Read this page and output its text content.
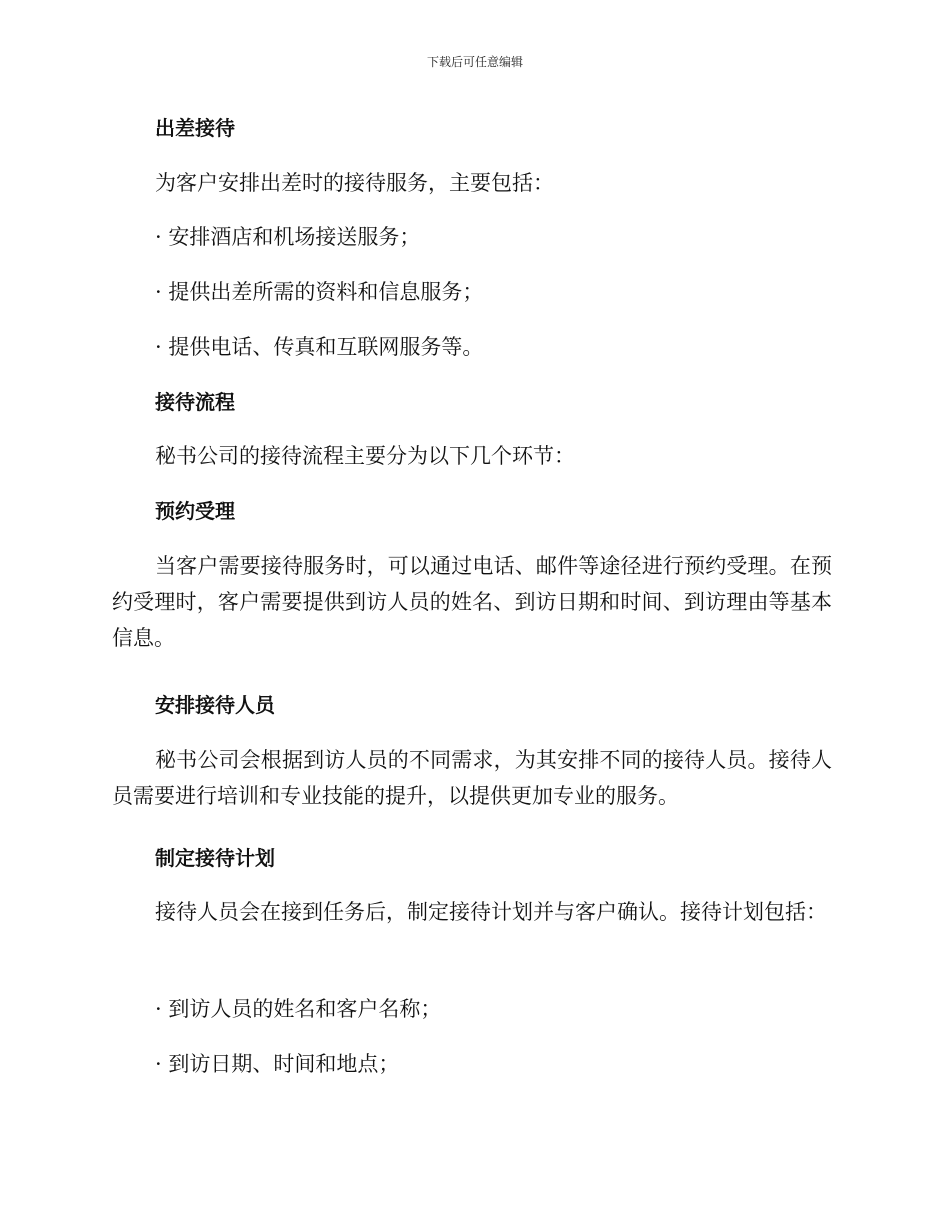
下载后可任意编辑
出差接待
为客户安排出差时的接待服务，主要包括：
· 安排酒店和机场接送服务；
· 提供出差所需的资料和信息服务；
· 提供电话、传真和互联网服务等。
接待流程
秘书公司的接待流程主要分为以下几个环节：
预约受理
当客户需要接待服务时，可以通过电话、邮件等途径进行预约受理。在预约受理时，客户需要提供到访人员的姓名、到访日期和时间、到访理由等基本信息。
安排接待人员
秘书公司会根据到访人员的不同需求，为其安排不同的接待人员。接待人员需要进行培训和专业技能的提升，以提供更加专业的服务。
制定接待计划
接待人员会在接到任务后，制定接待计划并与客户确认。接待计划包括：
· 到访人员的姓名和客户名称；
· 到访日期、时间和地点；
